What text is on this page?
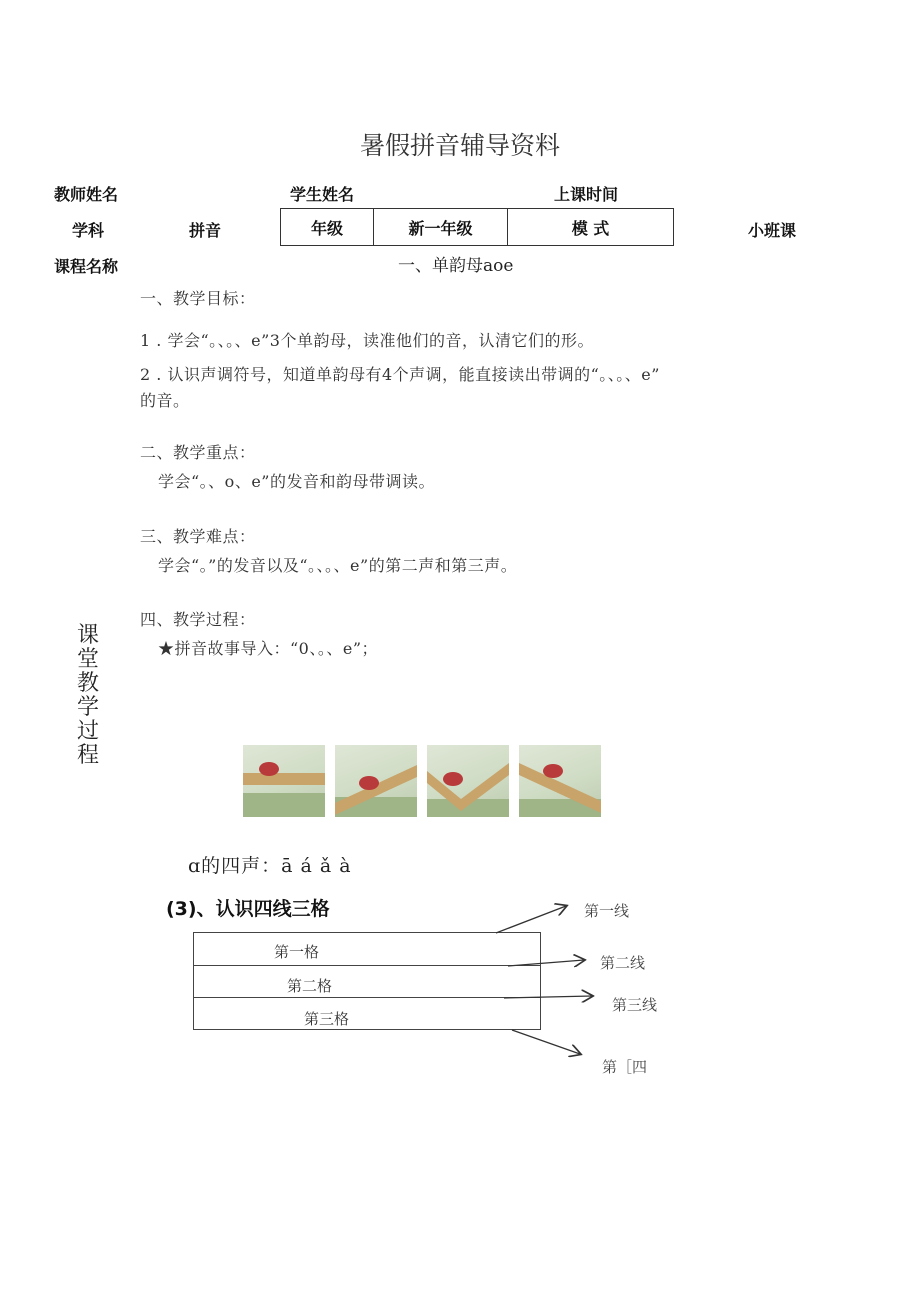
暑假拼音辅导资料
教师姓名	学生姓名	上课时间
学科	拼音	年级	新一年级	模 式	小班课
课程名称	一、单韵母aoe
一、教学目标：
1 . 学会“。、。、e”3个单韵母，读准他们的音，认清它们的形。
2 . 认识声调符号，知道单韵母有4个声调，能直接读出带调的“。、。、e”
的音。
二、教学重点：
学会“。、o、e”的发音和韵母带调读。
三、教学难点：
学会“。”的发音以及“。、。、e”的第二声和第三声。
四、教学过程：
★拼音故事导入：“0、。、e”；
课堂教学过程
ɑ的四声：ā á ǎ à
(3)、认识四线三格
第一格
第二格
第三格
第一线
第二线
第三线
第［四
